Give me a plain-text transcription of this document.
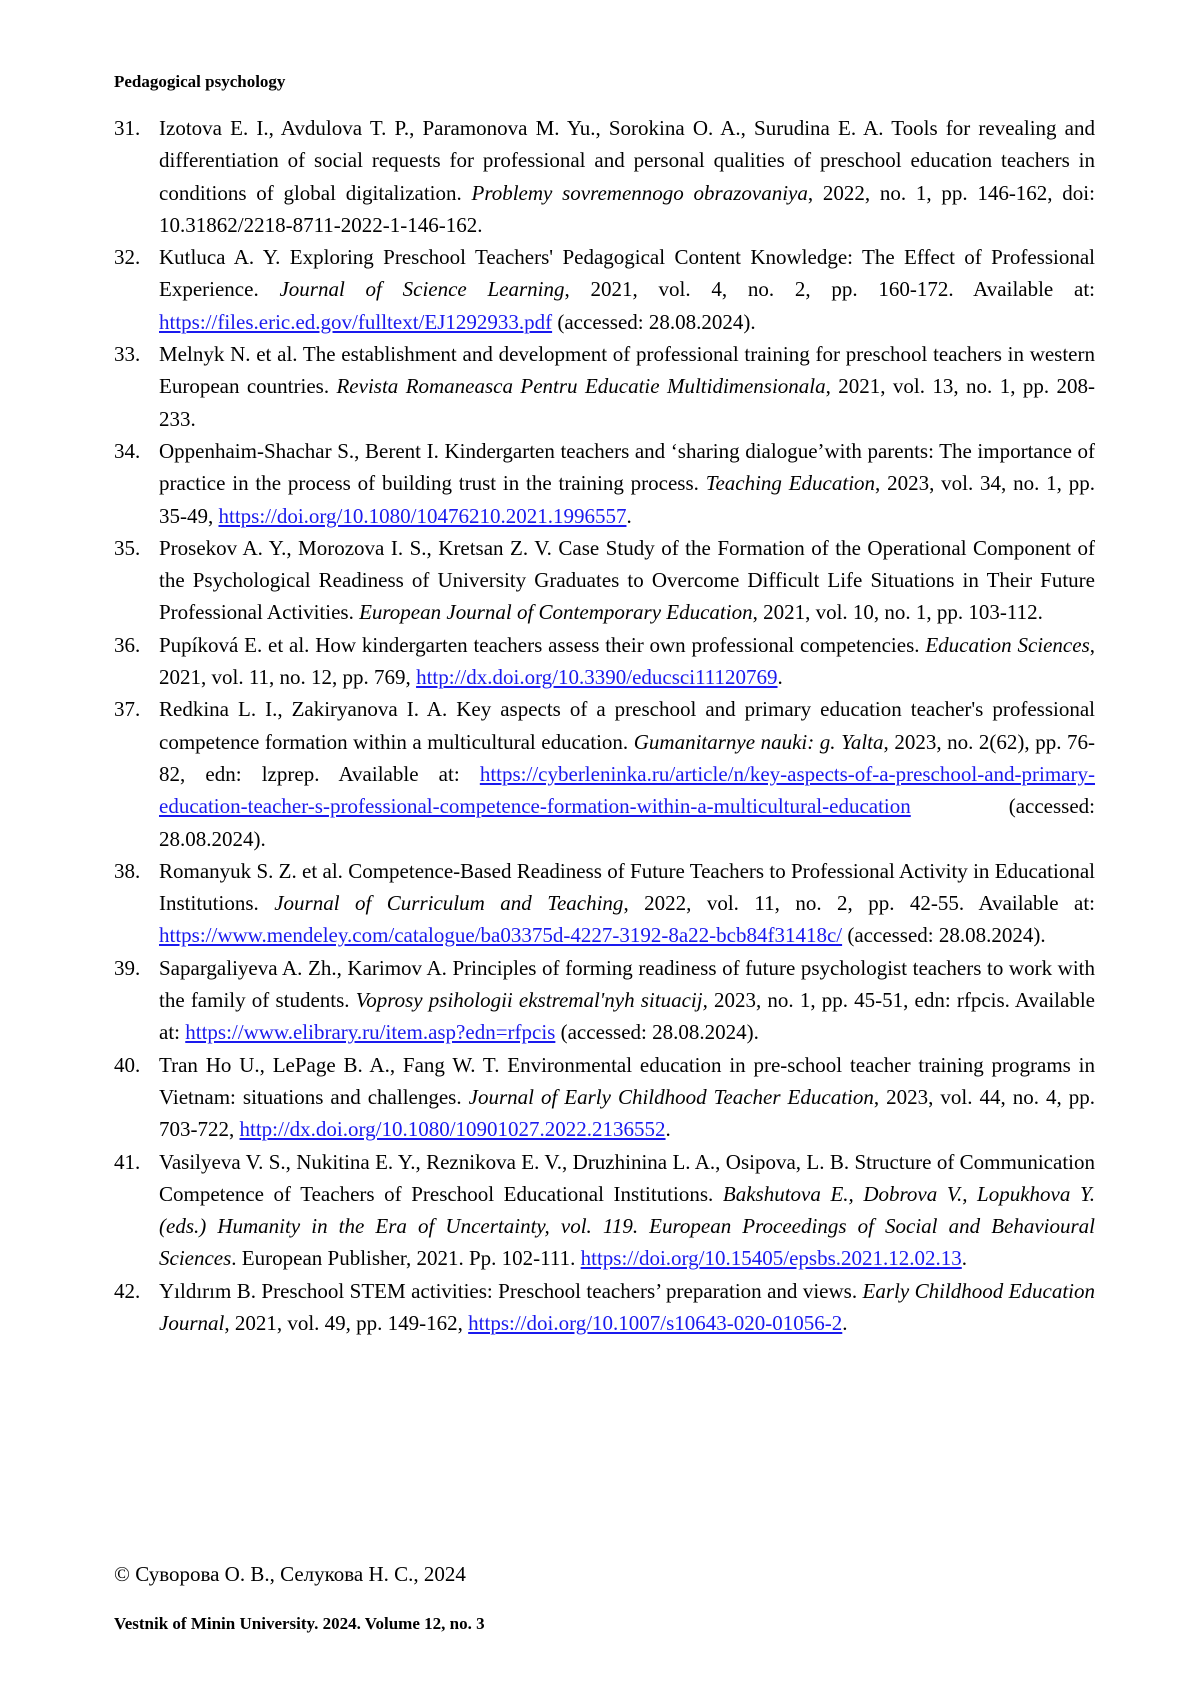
Pedagogical psychology
31. Izotova E. I., Avdulova T. P., Paramonova M. Yu., Sorokina O. A., Surudina E. A. Tools for revealing and differentiation of social requests for professional and personal qualities of preschool education teachers in conditions of global digitalization. Problemy sovremennogo obrazovaniya, 2022, no. 1, pp. 146-162, doi: 10.31862/2218-8711-2022-1-146-162.
32. Kutluca A. Y. Exploring Preschool Teachers' Pedagogical Content Knowledge: The Effect of Professional Experience. Journal of Science Learning, 2021, vol. 4, no. 2, pp. 160-172. Available at: https://files.eric.ed.gov/fulltext/EJ1292933.pdf (accessed: 28.08.2024).
33. Melnyk N. et al. The establishment and development of professional training for preschool teachers in western European countries. Revista Romaneasca Pentru Educatie Multidimensionala, 2021, vol. 13, no. 1, pp. 208-233.
34. Oppenhaim-Shachar S., Berent I. Kindergarten teachers and ‘sharing dialogue’with parents: The importance of practice in the process of building trust in the training process. Teaching Education, 2023, vol. 34, no. 1, pp. 35-49, https://doi.org/10.1080/10476210.2021.1996557.
35. Prosekov A. Y., Morozova I. S., Kretsan Z. V. Case Study of the Formation of the Operational Component of the Psychological Readiness of University Graduates to Overcome Difficult Life Situations in Their Future Professional Activities. European Journal of Contemporary Education, 2021, vol. 10, no. 1, pp. 103-112.
36. Pupíková E. et al. How kindergarten teachers assess their own professional competencies. Education Sciences, 2021, vol. 11, no. 12, pp. 769, http://dx.doi.org/10.3390/educsci11120769.
37. Redkina L. I., Zakiryanova I. A. Key aspects of a preschool and primary education teacher's professional competence formation within a multicultural education. Gumanitarnye nauki: g. Yalta, 2023, no. 2(62), pp. 76-82, edn: lzprep. Available at: https://cyberleninka.ru/article/n/key-aspects-of-a-preschool-and-primary-education-teacher-s-professional-competence-formation-within-a-multicultural-education (accessed: 28.08.2024).
38. Romanyuk S. Z. et al. Competence-Based Readiness of Future Teachers to Professional Activity in Educational Institutions. Journal of Curriculum and Teaching, 2022, vol. 11, no. 2, pp. 42-55. Available at: https://www.mendeley.com/catalogue/ba03375d-4227-3192-8a22-bcb84f31418c/ (accessed: 28.08.2024).
39. Sapargaliyeva A. Zh., Karimov A. Principles of forming readiness of future psychologist teachers to work with the family of students. Voprosy psihologii ekstremal'nyh situacij, 2023, no. 1, pp. 45-51, edn: rfpcis. Available at: https://www.elibrary.ru/item.asp?edn=rfpcis (accessed: 28.08.2024).
40. Tran Ho U., LePage B. A., Fang W. T. Environmental education in pre-school teacher training programs in Vietnam: situations and challenges. Journal of Early Childhood Teacher Education, 2023, vol. 44, no. 4, pp. 703-722, http://dx.doi.org/10.1080/10901027.2022.2136552.
41. Vasilyeva V. S., Nukitina E. Y., Reznikova E. V., Druzhinina L. A., Osipova, L. B. Structure of Communication Competence of Teachers of Preschool Educational Institutions. Bakshutova E., Dobrova V., Lopukhova Y. (eds.) Humanity in the Era of Uncertainty, vol. 119. European Proceedings of Social and Behavioural Sciences. European Publisher, 2021. Pp. 102-111. https://doi.org/10.15405/epsbs.2021.12.02.13.
42. Yıldırım B. Preschool STEM activities: Preschool teachers’ preparation and views. Early Childhood Education Journal, 2021, vol. 49, pp. 149-162, https://doi.org/10.1007/s10643-020-01056-2.
© Суворова О. В., Селукова Н. С., 2024
Vestnik of Minin University. 2024. Volume 12, no. 3
